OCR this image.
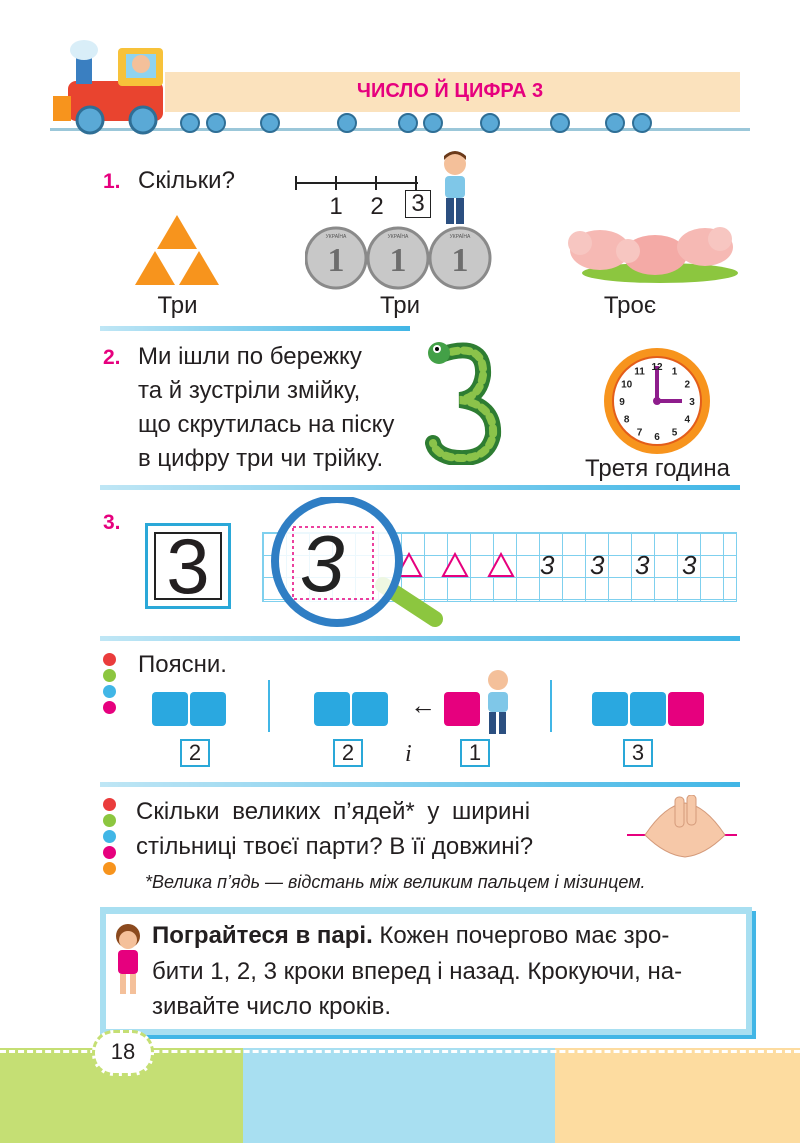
ЧИСЛО Й ЦИФРА 3
1. Скільки?
1 2 3
1 1 1
УКРАЇНА	УКРАЇНА	УКРАЇНА
Три	Три	Троє
2. Ми ішли по бережку
та й зустріли змійку,
що скрутилась на піску
в цифру три чи трійку.
12 1
2
3
4
5
6
7
8
9
10
11
Третя година
3. 3	3 3 3 3
3
Поясни.
←
2	2	і	1	3
Скільки великих п’ядей* у ширині
стільниці твоєї парти? В її довжині?
*Велика п’ядь — відстань між великим пальцем і мізинцем.
Пограйтеся в парі. Кожен почергово має зро-
бити 1, 2, 3 кроки вперед і назад. Крокуючи, на-
зивайте число кроків.
18
